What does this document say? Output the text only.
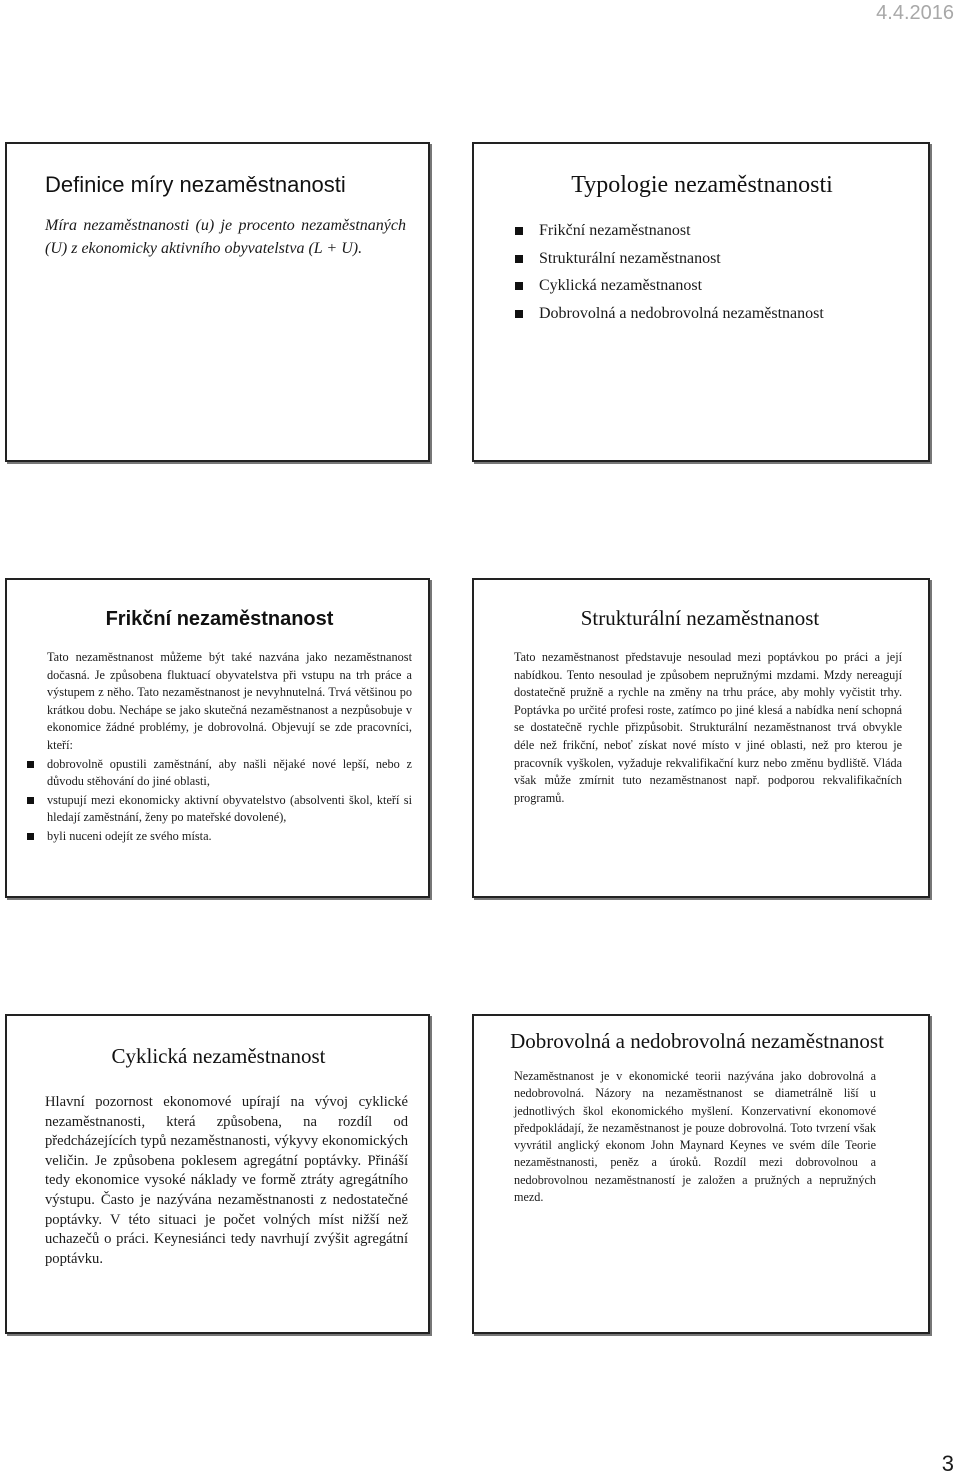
4.4.2016
Definice míry nezaměstnanosti

Míra nezaměstnanosti (u) je procento nezaměstnaných (U) z ekonomicky aktivního obyvatelstva (L + U).

Typologie nezaměstnanosti
Frikční nezaměstnanost
Strukturální nezaměstnanost
Cyklická nezaměstnanost
Dobrovolná a nedobrovolná nezaměstnanost
Frikční nezaměstnanost

Tato nezaměstnanost můžeme být také nazvána jako nezaměstnanost dočasná. Je způsobena fluktuací obyvatelstva při vstupu na trh práce a výstupem z něho. Tato nezaměstnanost je nevyhnutelná. Trvá většinou po krátkou dobu. Nechápe se jako skutečná nezaměstnanost a nezpůsobuje v ekonomice žádné problémy, je dobrovolná. Objevují se zde pracovníci, kteří:

dobrovolně opustili zaměstnání, aby našli nějaké nové lepší, nebo z důvodu stěhování do jiné oblasti,
vstupují mezi ekonomicky aktivní obyvatelstvo (absolventi škol, kteří si hledají zaměstnání, ženy po mateřské dovolené),
byli nuceni odejít ze svého místa.
Strukturální nezaměstnanost

Tato nezaměstnanost představuje nesoulad mezi poptávkou po práci a její nabídkou. Tento nesoulad je způsobem nepružnými mzdami. Mzdy nereagují dostatečně pružně a rychle na změny na trhu práce, aby mohly vyčistit trhy. Poptávka po určité profesi roste, zatímco po jiné klesá a nabídka není schopná se dostatečně rychle přizpůsobit. Strukturální nezaměstnanost trvá obvykle déle než frikční, neboť získat nové místo v jiné oblasti, než pro kterou je pracovník vyškolen, vyžaduje rekvalifikační kurz nebo změnu bydliště. Vláda však může zmírnit tuto nezaměstnanost např. podporou rekvalifikačních programů.

Cyklická nezaměstnanost

Hlavní pozornost ekonomové upírají na vývoj cyklické nezaměstnanosti, která způsobena, na rozdíl od předcházejících typů nezaměstnanosti, výkyvy ekonomických veličin. Je způsobena poklesem agregátní poptávky. Přináší tedy ekonomice vysoké náklady ve formě ztráty agregátního výstupu. Často je nazývána nezaměstnanosti z nedostatečné poptávky. V této situaci je počet volných míst nižší než uchazečů o práci. Keynesiánci tedy navrhují zvýšit agregátní poptávku.

Dobrovolná a nedobrovolná nezaměstnanost

Nezaměstnanost je v ekonomické teorii nazývána jako dobrovolná a nedobrovolná. Názory na nezaměstnanost se diametrálně liší u jednotlivých škol ekonomického myšlení. Konzervativní ekonomové předpokládají, že nezaměstnanost je pouze dobrovolná. Toto tvrzení však vyvrátil anglický ekonom John Maynard Keynes ve svém díle Teorie nezaměstnanosti, peněz a úroků. Rozdíl mezi dobrovolnou a nedobrovolnou nezaměstnaností je založen a pružných a nepružných mezd.

3
